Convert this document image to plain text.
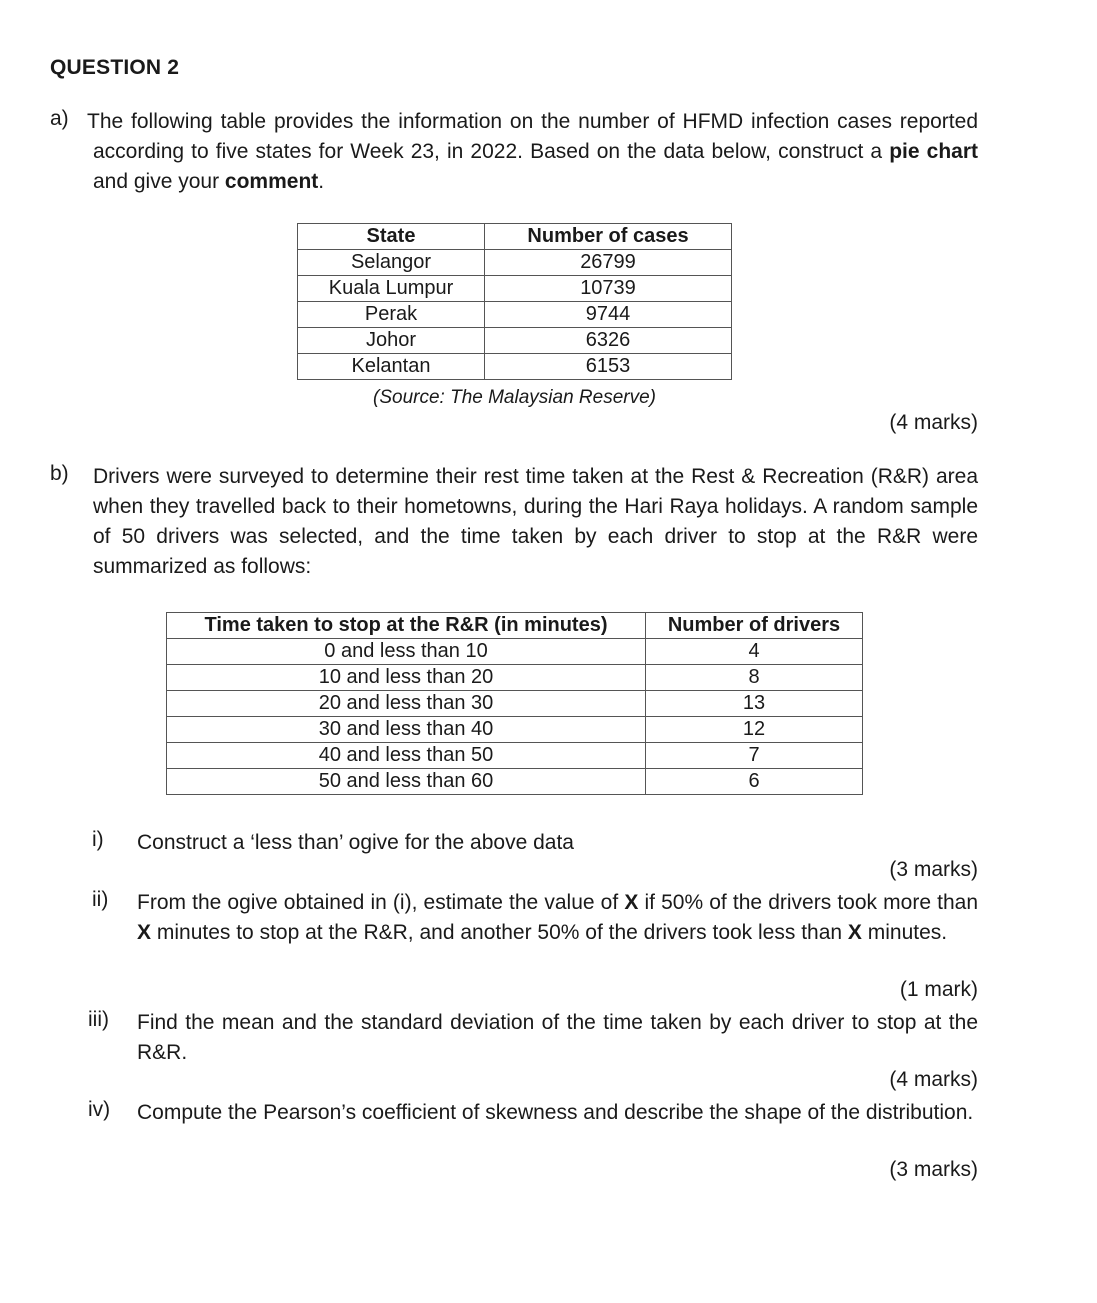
QUESTION 2
a) The following table provides the information on the number of HFMD infection cases reported according to five states for Week 23, in 2022. Based on the data below, construct a pie chart and give your comment.
State	Number of cases
Selangor	26799
Kuala Lumpur	10739
Perak	9744
Johor	6326
Kelantan	6153
(Source: The Malaysian Reserve)
(4 marks)
b) Drivers were surveyed to determine their rest time taken at the Rest & Recreation (R&R) area when they travelled back to their hometowns, during the Hari Raya holidays. A random sample of 50 drivers was selected, and the time taken by each driver to stop at the R&R were summarized as follows:
Time taken to stop at the R&R (in minutes)	Number of drivers
0 and less than 10	4
10 and less than 20	8
20 and less than 30	13
30 and less than 40	12
40 and less than 50	7
50 and less than 60	6
i) Construct a ‘less than’ ogive for the above data
(3 marks)
ii) From the ogive obtained in (i), estimate the value of X if 50% of the drivers took more than X minutes to stop at the R&R, and another 50% of the drivers took less than X minutes.
(1 mark)
iii) Find the mean and the standard deviation of the time taken by each driver to stop at the R&R.
(4 marks)
iv) Compute the Pearson’s coefficient of skewness and describe the shape of the distribution.
(3 marks)
